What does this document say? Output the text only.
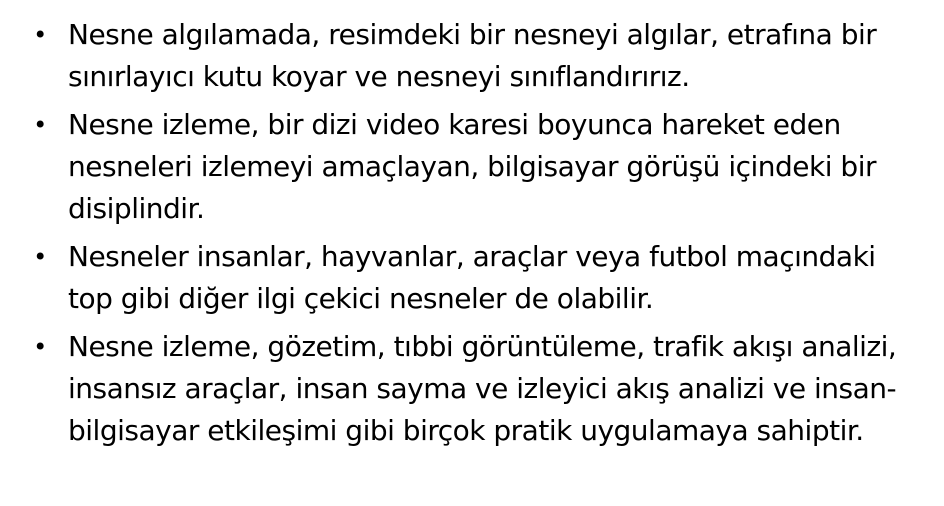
• Nesne algılamada, resimdeki bir nesneyi algılar, etrafına bir sınırlayıcı kutu koyar ve nesneyi sınıflandırırız.
• Nesne izleme, bir dizi video karesi boyunca hareket eden nesneleri izlemeyi amaçlayan, bilgisayar görüşü içindeki bir disiplindir.
• Nesneler insanlar, hayvanlar, araçlar veya futbol maçındaki top gibi diğer ilgi çekici nesneler de olabilir.
• Nesne izleme, gözetim, tıbbi görüntüleme, trafik akışı analizi, insansız araçlar, insan sayma ve izleyici akış analizi ve insan-bilgisayar etkileşimi gibi birçok pratik uygulamaya sahiptir.
